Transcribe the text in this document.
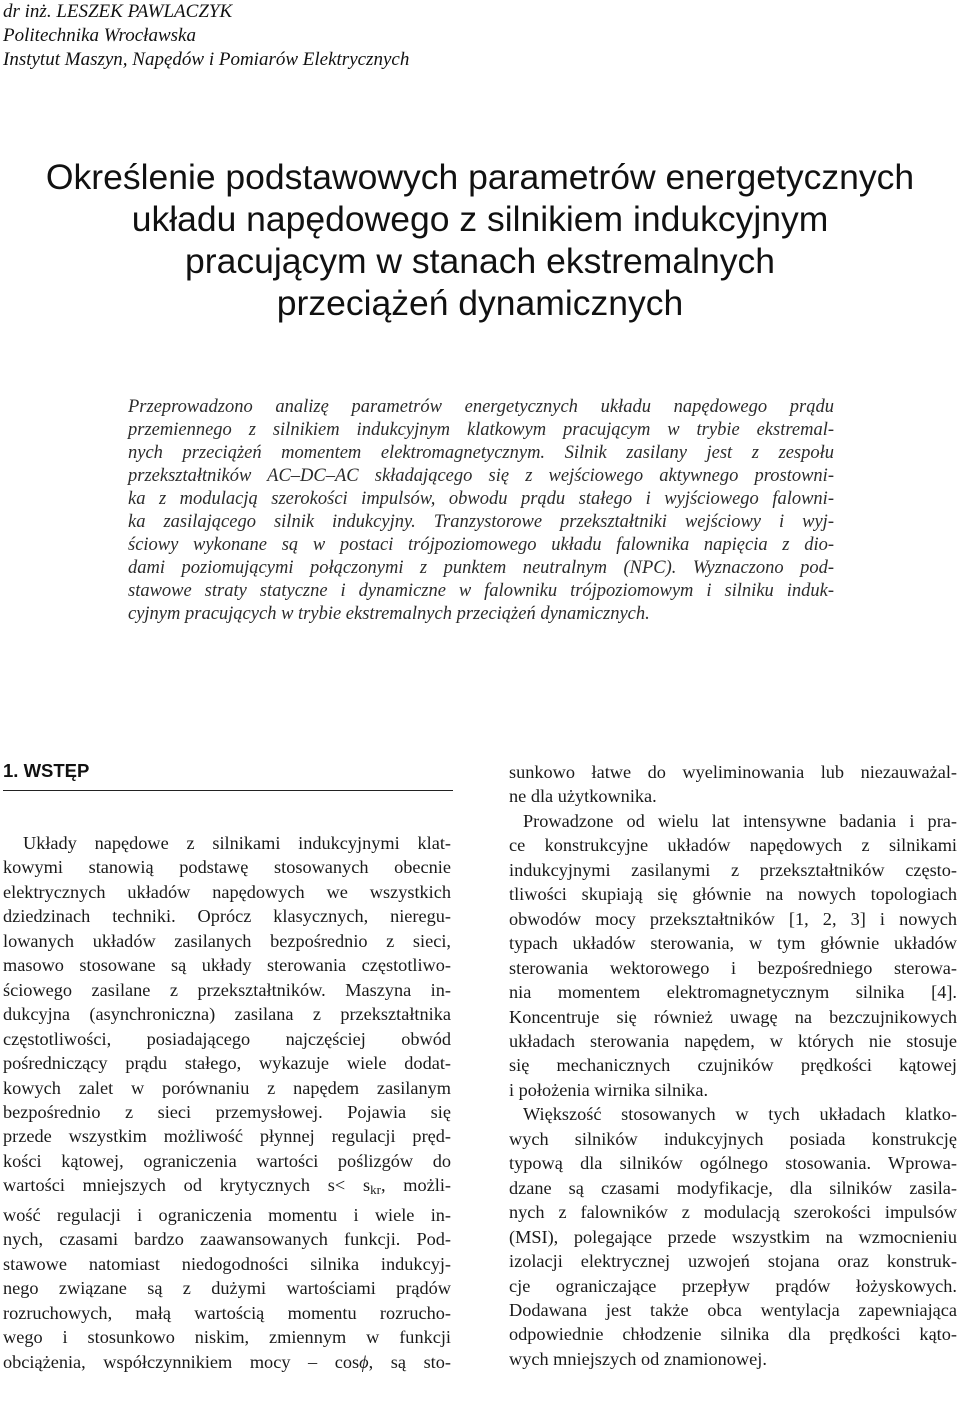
dr inż. LESZEK PAWLACZYK
Politechnika Wrocławska
Instytut Maszyn, Napędów i Pomiarów Elektrycznych
Określenie podstawowych parametrów energetycznych
układu napędowego z silnikiem indukcyjnym
pracującym w stanach ekstremalnych
przeciążeń dynamicznych
Przeprowadzono analizę parametrów energetycznych układu napędowego prądu
przemiennego z silnikiem indukcyjnym klatkowym pracującym w trybie ekstremal-
nych przeciążeń momentem elektromagnetycznym. Silnik zasilany jest z zespołu
przekształtników AC–DC–AC składającego się z wejściowego aktywnego prostowni-
ka z modulacją szerokości impulsów, obwodu prądu stałego i wyjściowego falowni-
ka zasilającego silnik indukcyjny. Tranzystorowe przekształtniki wejściowy i wyj-
ściowy wykonane są w postaci trójpoziomowego układu falownika napięcia z dio-
dami poziomującymi połączonymi z punktem neutralnym (NPC). Wyznaczono pod-
stawowe straty statyczne i dynamiczne w falowniku trójpoziomowym i silniku induk-
cyjnym pracujących w trybie ekstremalnych przeciążeń dynamicznych.
1. WSTĘP
Układy napędowe z silnikami indukcyjnymi klat-
kowymi stanowią podstawę stosowanych obecnie
elektrycznych układów napędowych we wszystkich
dziedzinach techniki. Oprócz klasycznych, nieregu-
lowanych układów zasilanych bezpośrednio z sieci,
masowo stosowane są układy sterowania częstotliwo-
ściowego zasilane z przekształtników. Maszyna in-
dukcyjna (asynchroniczna) zasilana z przekształtnika
częstotliwości, posiadającego najczęściej obwód
pośredniczący prądu stałego, wykazuje wiele dodat-
kowych zalet w porównaniu z napędem zasilanym
bezpośrednio z sieci przemysłowej. Pojawia się
przede wszystkim możliwość płynnej regulacji pręd-
kości kątowej, ograniczenia wartości poślizgów do
wartości mniejszych od krytycznych $s< s_{kr}$, możli-
wość regulacji i ograniczenia momentu i wiele in-
nych, czasami bardzo zaawansowanych funkcji. Pod-
stawowe natomiast niedogodności silnika indukcyj-
nego związane są z dużymi wartościami prądów
rozruchowych, małą wartością momentu rozrucho-
wego i stosunkowo niskim, zmiennym w funkcji
obciążenia, współczynnikiem mocy – cosϕ, są sto-
sunkowo łatwe do wyeliminowania lub niezauważal-
ne dla użytkownika.
Prowadzone od wielu lat intensywne badania i pra-
ce konstrukcyjne układów napędowych z silnikami
indukcyjnymi zasilanymi z przekształtników często-
tliwości skupiają się głównie na nowych topologiach
obwodów mocy przekształtników [1, 2, 3] i nowych
typach układów sterowania, w tym głównie układów
sterowania wektorowego i bezpośredniego sterowa-
nia momentem elektromagnetycznym silnika [4].
Koncentruje się również uwagę na bezczujnikowych
układach sterowania napędem, w których nie stosuje
się mechanicznych czujników prędkości kątowej
i położenia wirnika silnika.
Większość stosowanych w tych układach klatko-
wych silników indukcyjnych posiada konstrukcję
typową dla silników ogólnego stosowania. Wprowa-
dzane są czasami modyfikacje, dla silników zasila-
nych z falowników z modulacją szerokości impulsów
(MSI), polegające przede wszystkim na wzmocnieniu
izolacji elektrycznej uzwojeń stojana oraz konstruk-
cje ograniczające przepływ prądów łożyskowych.
Dodawana jest także obca wentylacja zapewniająca
odpowiednie chłodzenie silnika dla prędkości kąto-
wych mniejszych od znamionowej.
